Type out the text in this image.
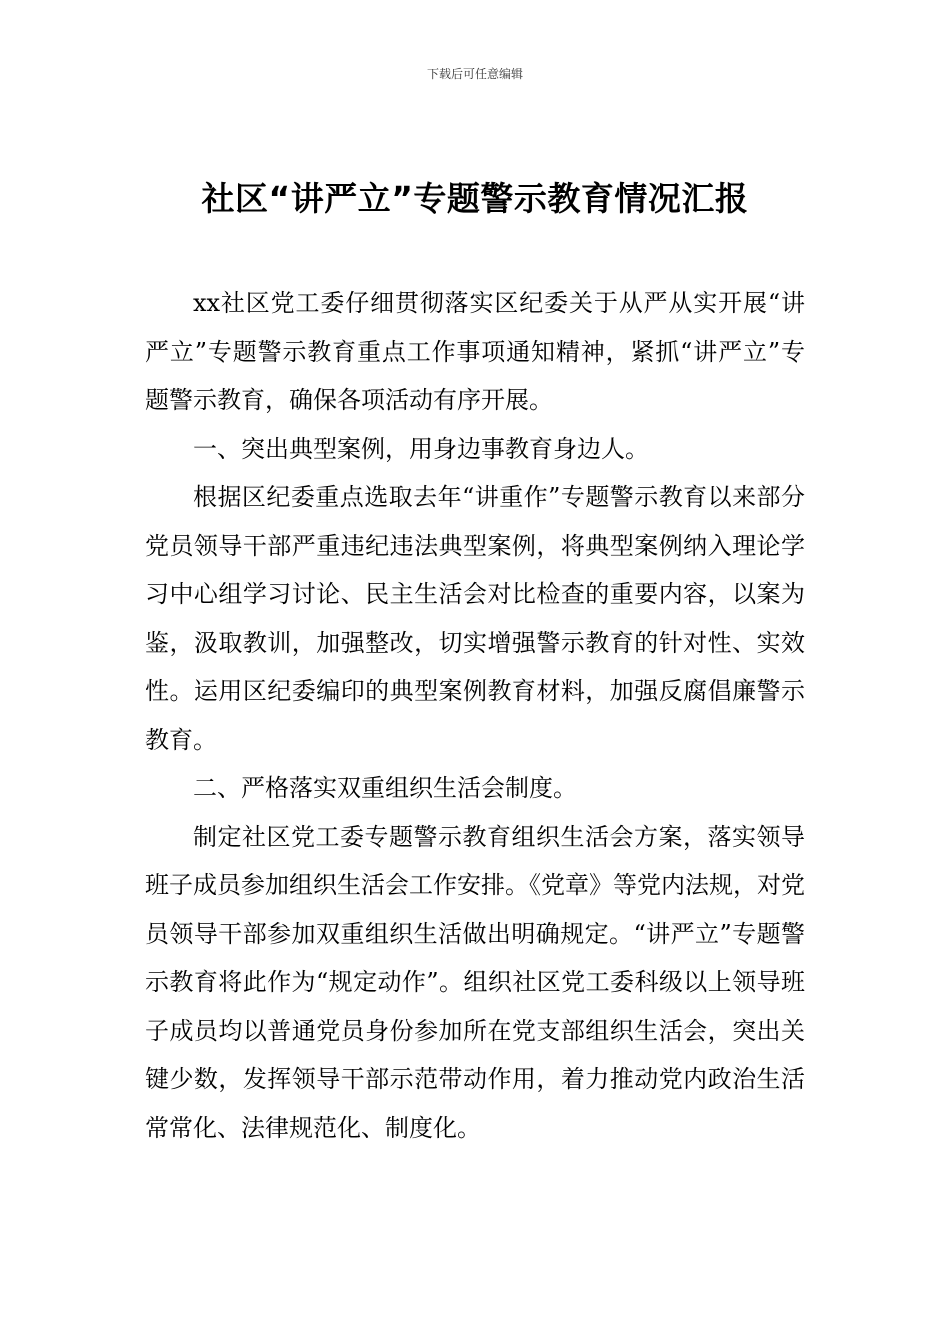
下载后可任意编辑
社区“讲严立”专题警示教育情况汇报

xx社区党工委仔细贯彻落实区纪委关于从严从实开展“讲严立”专题警示教育重点工作事项通知精神，紧抓“讲严立”专题警示教育，确保各项活动有序开展。

一、突出典型案例，用身边事教育身边人。

根据区纪委重点选取去年“讲重作”专题警示教育以来部分党员领导干部严重违纪违法典型案例，将典型案例纳入理论学习中心组学习讨论、民主生活会对比检查的重要内容，以案为鉴，汲取教训，加强整改，切实增强警示教育的针对性、实效性。运用区纪委编印的典型案例教育材料，加强反腐倡廉警示教育。

二、严格落实双重组织生活会制度。

制定社区党工委专题警示教育组织生活会方案，落实领导班子成员参加组织生活会工作安排。《党章》等党内法规，对党员领导干部参加双重组织生活做出明确规定。“讲严立”专题警示教育将此作为“规定动作”。组织社区党工委科级以上领导班子成员均以普通党员身份参加所在党支部组织生活会，突出关键少数，发挥领导干部示范带动作用，着力推动党内政治生活常常化、法律规范化、制度化。
